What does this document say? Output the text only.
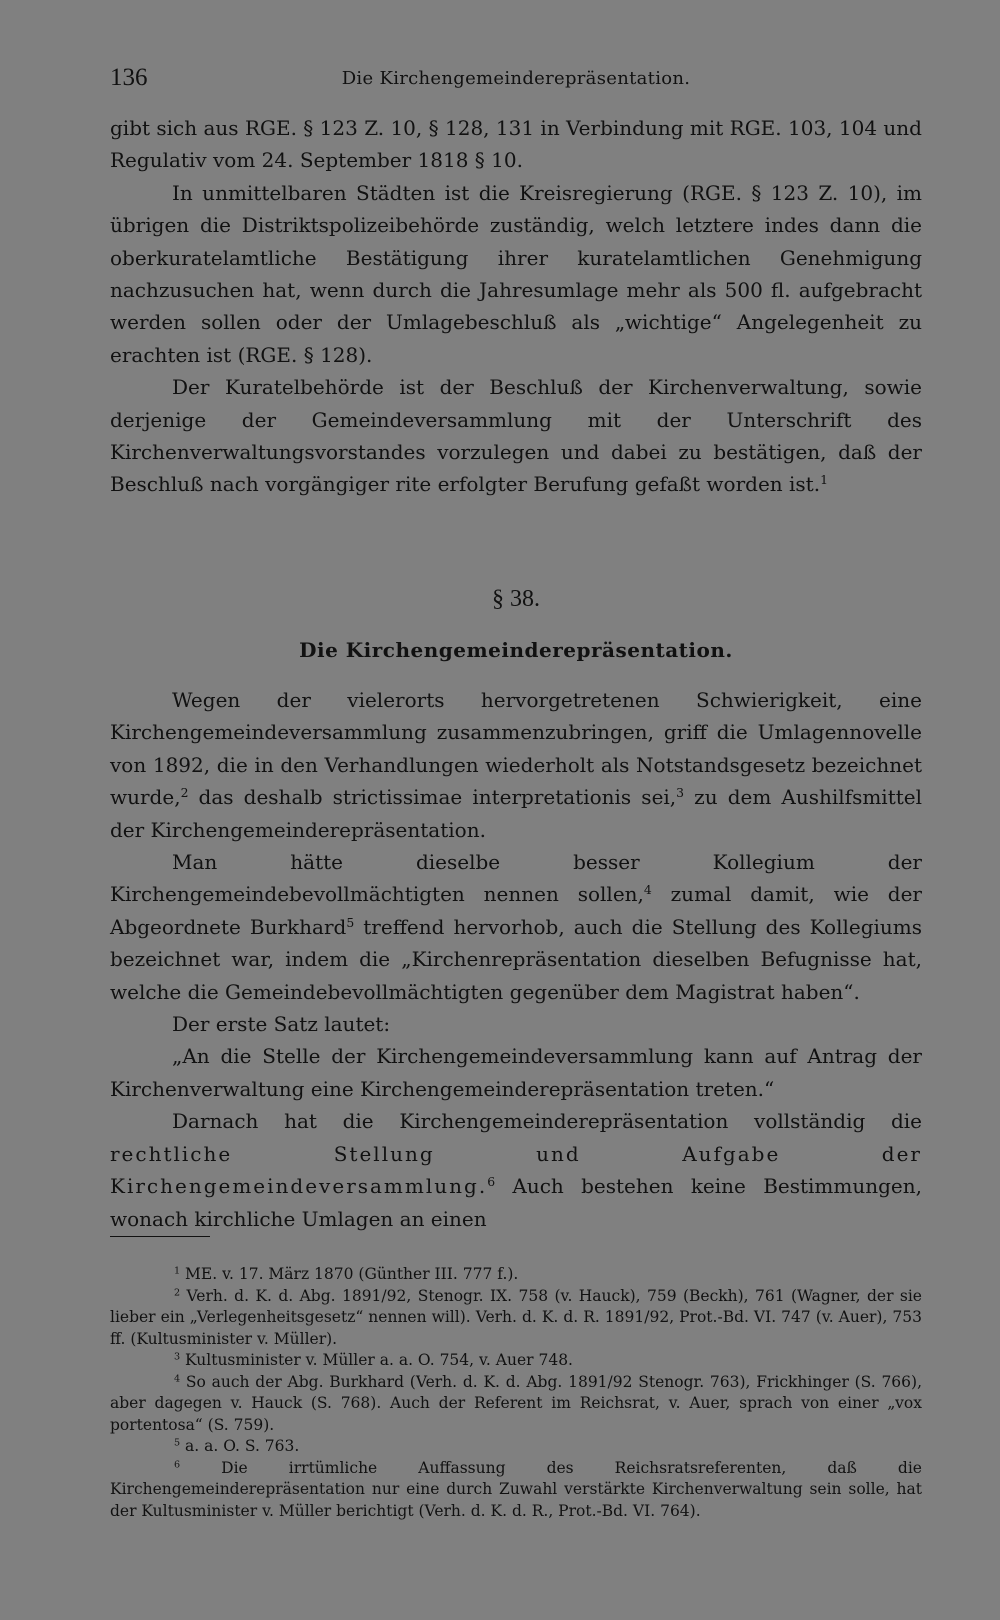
136	Die Kirchengemeinderepräsentation.

gibt sich aus RGE. § 123 Z. 10, § 128, 131 in Verbindung mit RGE. 103, 104 und Regulativ vom 24. September 1818 § 10.

In unmittelbaren Städten ist die Kreisregierung (RGE. § 123 Z. 10), im übrigen die Distriktspolizeibehörde zuständig, welch letztere indes dann die oberkuratelamtliche Bestätigung ihrer kuratelamtlichen Genehmigung nachzusuchen hat, wenn durch die Jahresumlage mehr als 500 fl. aufgebracht werden sollen oder der Umlagebeschluß als „wichtige“ Angelegenheit zu erachten ist (RGE. § 128).

Der Kuratelbehörde ist der Beschluß der Kirchenverwaltung, sowie derjenige der Gemeindeversammlung mit der Unterschrift des Kirchenverwaltungsvorstandes vorzulegen und dabei zu bestätigen, daß der Beschluß nach vorgängiger rite erfolgter Berufung gefaßt worden ist.$^1$

§ 38.
Die Kirchengemeinderepräsentation.

Wegen der vielerorts hervorgetretenen Schwierigkeit, eine Kirchengemeindeversammlung zusammenzubringen, griff die Umlagennovelle von 1892, die in den Verhandlungen wiederholt als Notstandsgesetz bezeichnet wurde,$^2$ das deshalb strictissimae interpretationis sei,$^3$ zu dem Aushilfsmittel der Kirchengemeinderepräsentation.

Man hätte dieselbe besser Kollegium der Kirchengemeindebevollmächtigten nennen sollen,$^4$ zumal damit, wie der Abgeordnete Burkhard$^5$ treffend hervorhob, auch die Stellung des Kollegiums bezeichnet war, indem die „Kirchenrepräsentation dieselben Befugnisse hat, welche die Gemeindebevollmächtigten gegenüber dem Magistrat haben“.

Der erste Satz lautet:

„An die Stelle der Kirchengemeindeversammlung kann auf Antrag der Kirchenverwaltung eine Kirchengemeinderepräsentation treten.“

Darnach hat die Kirchengemeinderepräsentation vollständig die rechtliche Stellung und Aufgabe der Kirchengemeindeversammlung.$^6$ Auch bestehen keine Bestimmungen, wonach kirchliche Umlagen an einen

$^1$ ME. v. 17. März 1870 (Günther III. 777 f.).

$^2$ Verh. d. K. d. Abg. 1891/92, Stenogr. IX. 758 (v. Hauck), 759 (Beckh), 761 (Wagner, der sie lieber ein „Verlegenheitsgesetz“ nennen will). Verh. d. K. d. R. 1891/92, Prot.-Bd. VI. 747 (v. Auer), 753 ff. (Kultusminister v. Müller).

$^3$ Kultusminister v. Müller a. a. O. 754, v. Auer 748.

$^4$ So auch der Abg. Burkhard (Verh. d. K. d. Abg. 1891/92 Stenogr. 763), Frickhinger (S. 766), aber dagegen v. Hauck (S. 768). Auch der Referent im Reichsrat, v. Auer, sprach von einer „vox portentosa“ (S. 759).

$^5$ a. a. O. S. 763.

$^6$	Die irrtümliche Auffassung des Reichsratsreferenten, daß die Kirchengemeinderepräsentation nur eine durch Zuwahl verstärkte Kirchenverwaltung sein solle, hat der Kultusminister v. Müller berichtigt (Verh. d. K. d. R., Prot.-Bd. VI. 764).
